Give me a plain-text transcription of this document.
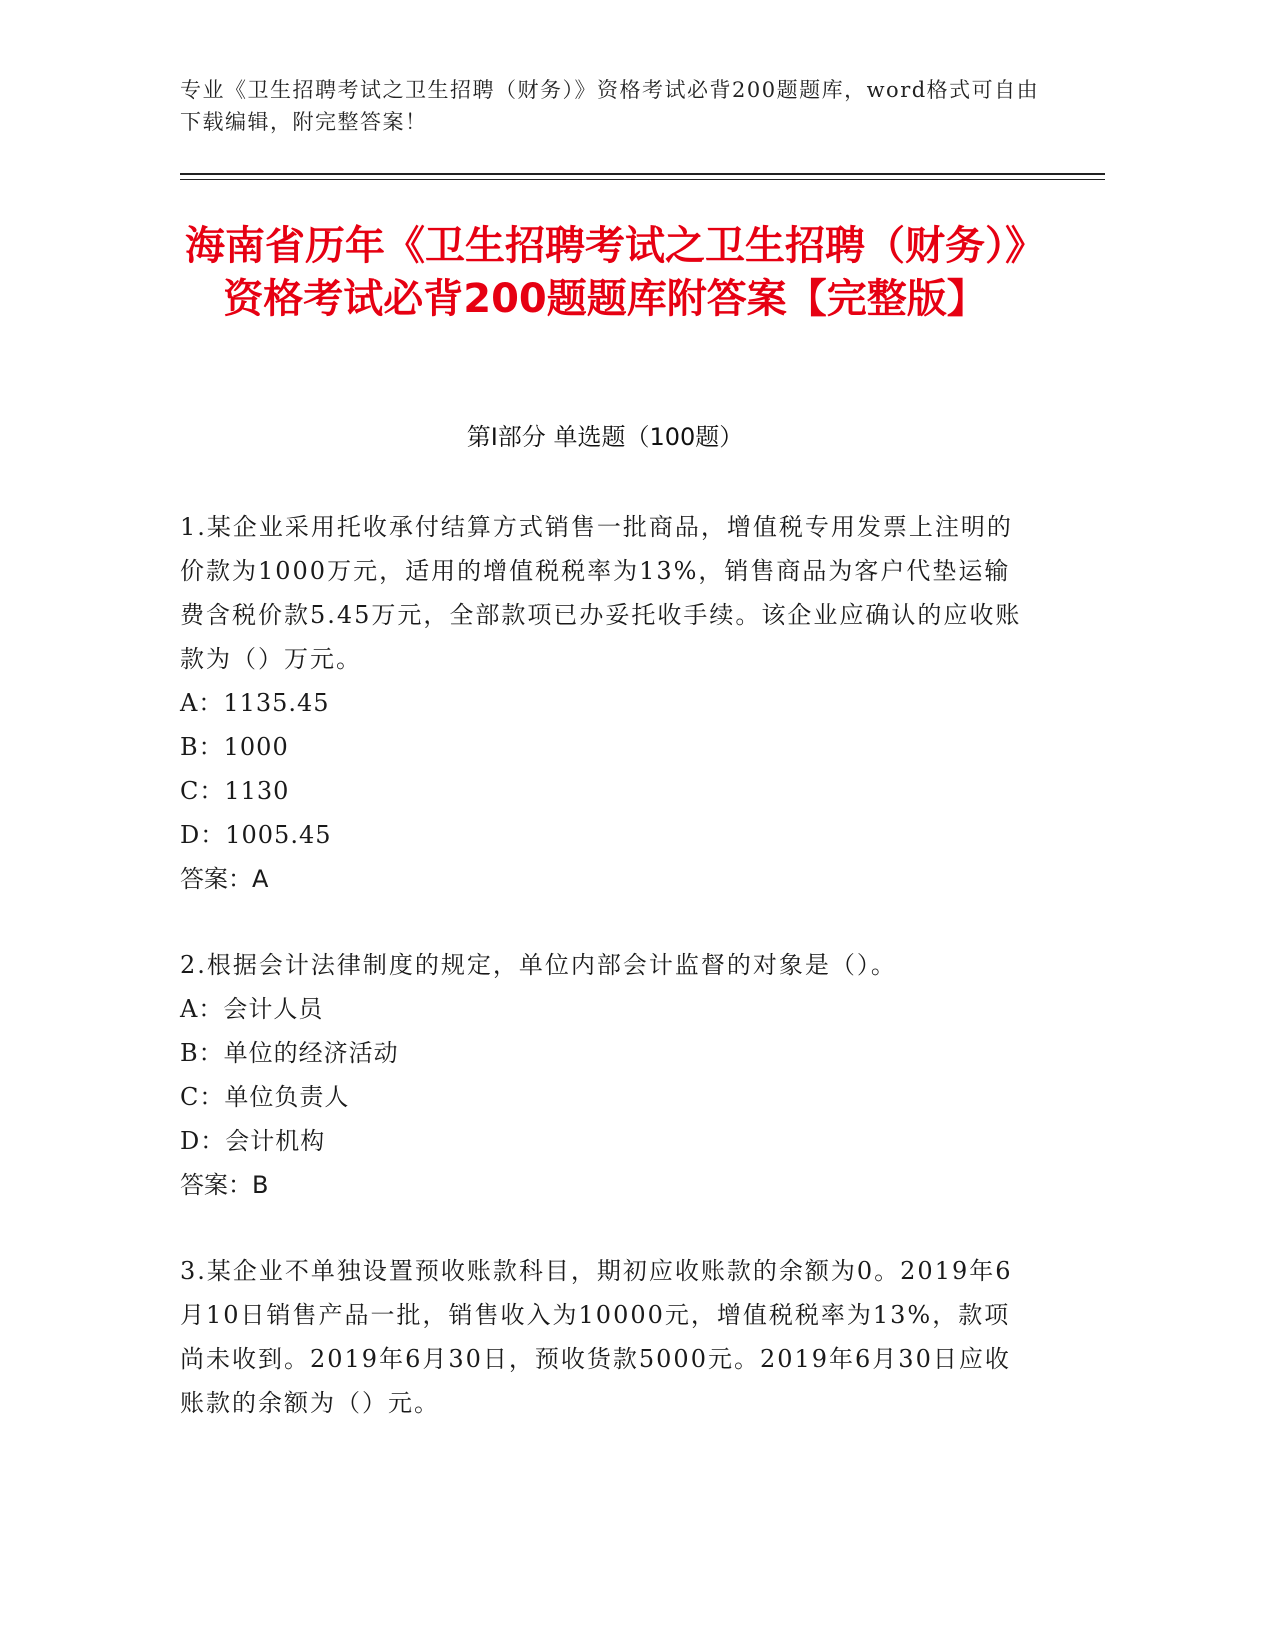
专业《卫生招聘考试之卫生招聘（财务）》资格考试必背200题题库，word格式可自由下载编辑，附完整答案！
海南省历年《卫生招聘考试之卫生招聘（财务）》资格考试必背200题题库附答案【完整版】
第I部分 单选题（100题）
1.某企业采用托收承付结算方式销售一批商品，增值税专用发票上注明的价款为1000万元，适用的增值税税率为13%，销售商品为客户代垫运输费含税价款5.45万元，全部款项已办妥托收手续。该企业应确认的应收账款为（）万元。
A：1135.45
B：1000
C：1130
D：1005.45
答案：A
2.根据会计法律制度的规定，单位内部会计监督的对象是（）。
A：会计人员
B：单位的经济活动
C：单位负责人
D：会计机构
答案：B
3.某企业不单独设置预收账款科目，期初应收账款的余额为0。2019年6月10日销售产品一批，销售收入为10000元，增值税税率为13%，款项尚未收到。2019年6月30日，预收货款5000元。2019年6月30日应收账款的余额为（）元。
